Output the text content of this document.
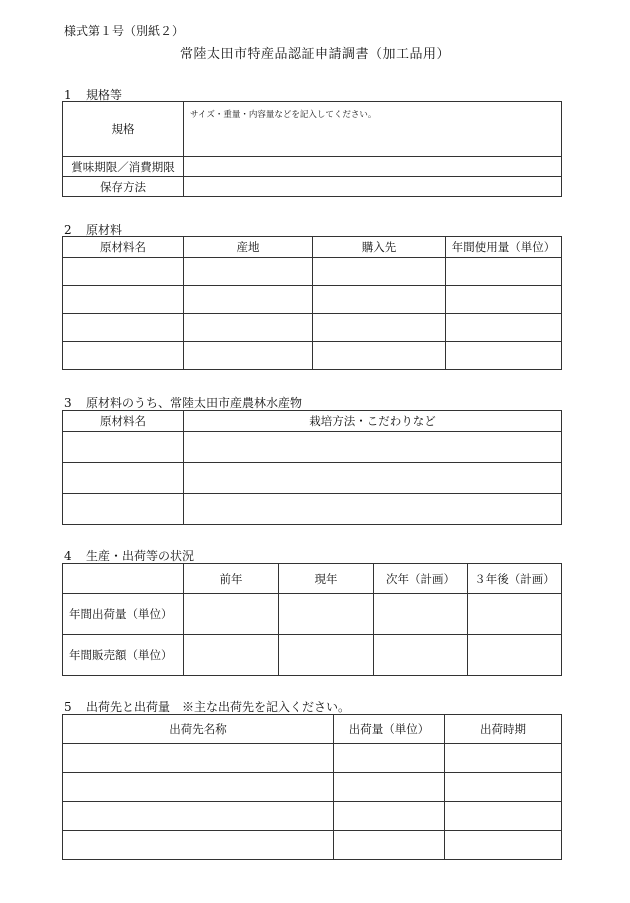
様式第１号（別紙２）
常陸太田市特産品認証申請調書（加工品用）
1 規格等
規格	サイズ・重量・内容量などを記入してください。
賞味期限／消費期限	
保存方法	
2 原材料
原材料名	産地	購入先	年間使用量（単位）

3 原材料のうち、常陸太田市産農林水産物
原材料名	栽培方法・こだわりなど

4 生産・出荷等の状況
	前年	現年	次年（計画）	３年後（計画）
年間出荷量（単位）				
年間販売額（単位）				
5 出荷先と出荷量　※主な出荷先を記入ください。
出荷先名称	出荷量（単位）	出荷時期
